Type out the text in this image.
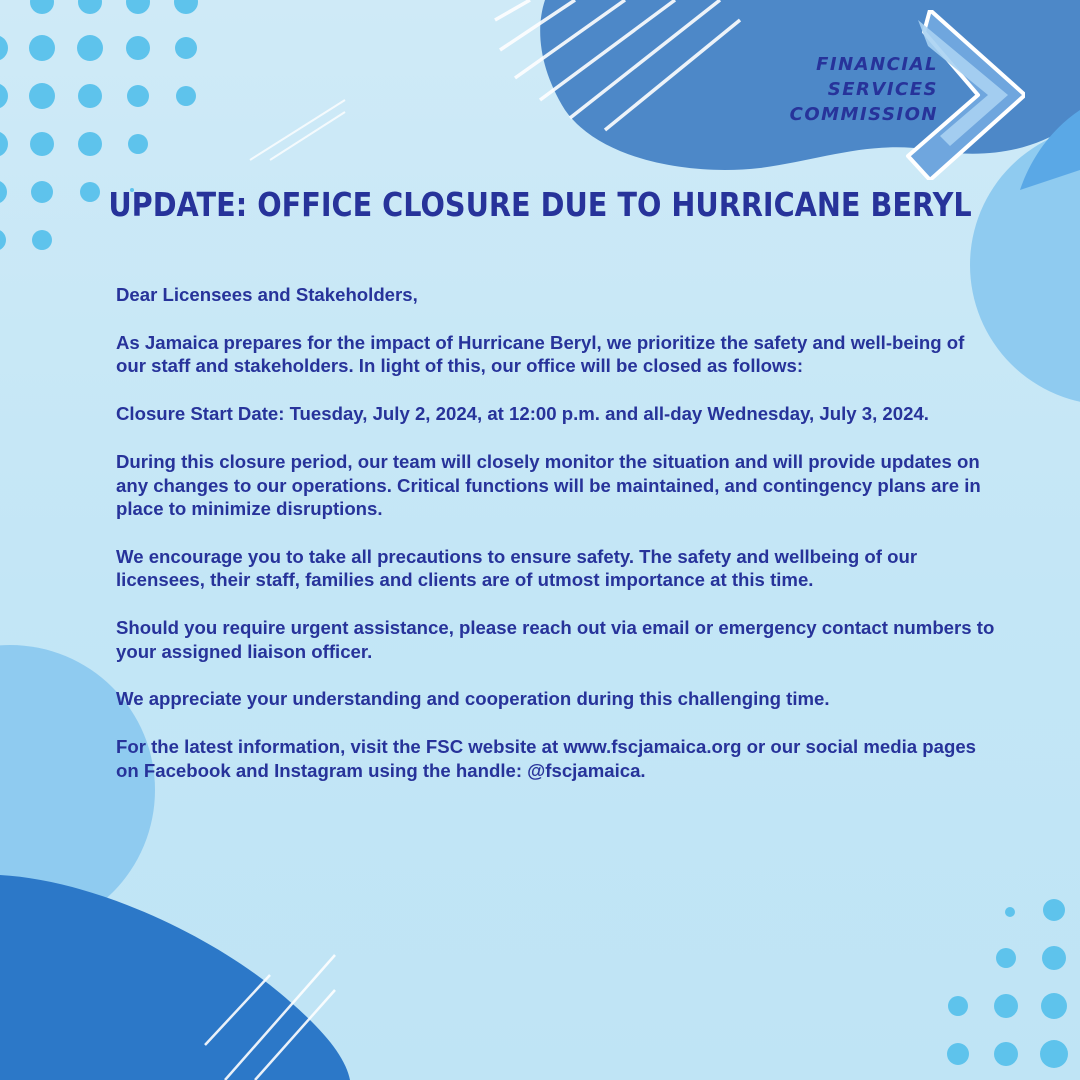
FINANCIAL
SERVICES
COMMISSION
UPDATE: OFFICE CLOSURE DUE TO HURRICANE BERYL

Dear Licensees and Stakeholders,

As Jamaica prepares for the impact of Hurricane Beryl, we prioritize the safety and well-being of our staff and stakeholders. In light of this, our office will be closed as follows:

Closure Start Date: Tuesday, July 2, 2024, at 12:00 p.m. and all-day Wednesday, July 3, 2024.

During this closure period, our team will closely monitor the situation and will provide updates on any changes to our operations. Critical functions will be maintained, and contingency plans are in place to minimize disruptions.

We encourage you to take all precautions to ensure safety. The safety and wellbeing of our licensees, their staff, families and clients are of utmost importance at this time.

Should you require urgent assistance, please reach out via email or emergency contact numbers to your assigned liaison officer.

We appreciate your understanding and cooperation during this challenging time.

For the latest information, visit the FSC website at www.fscjamaica.org or our social media pages on Facebook and Instagram using the handle: @fscjamaica.
